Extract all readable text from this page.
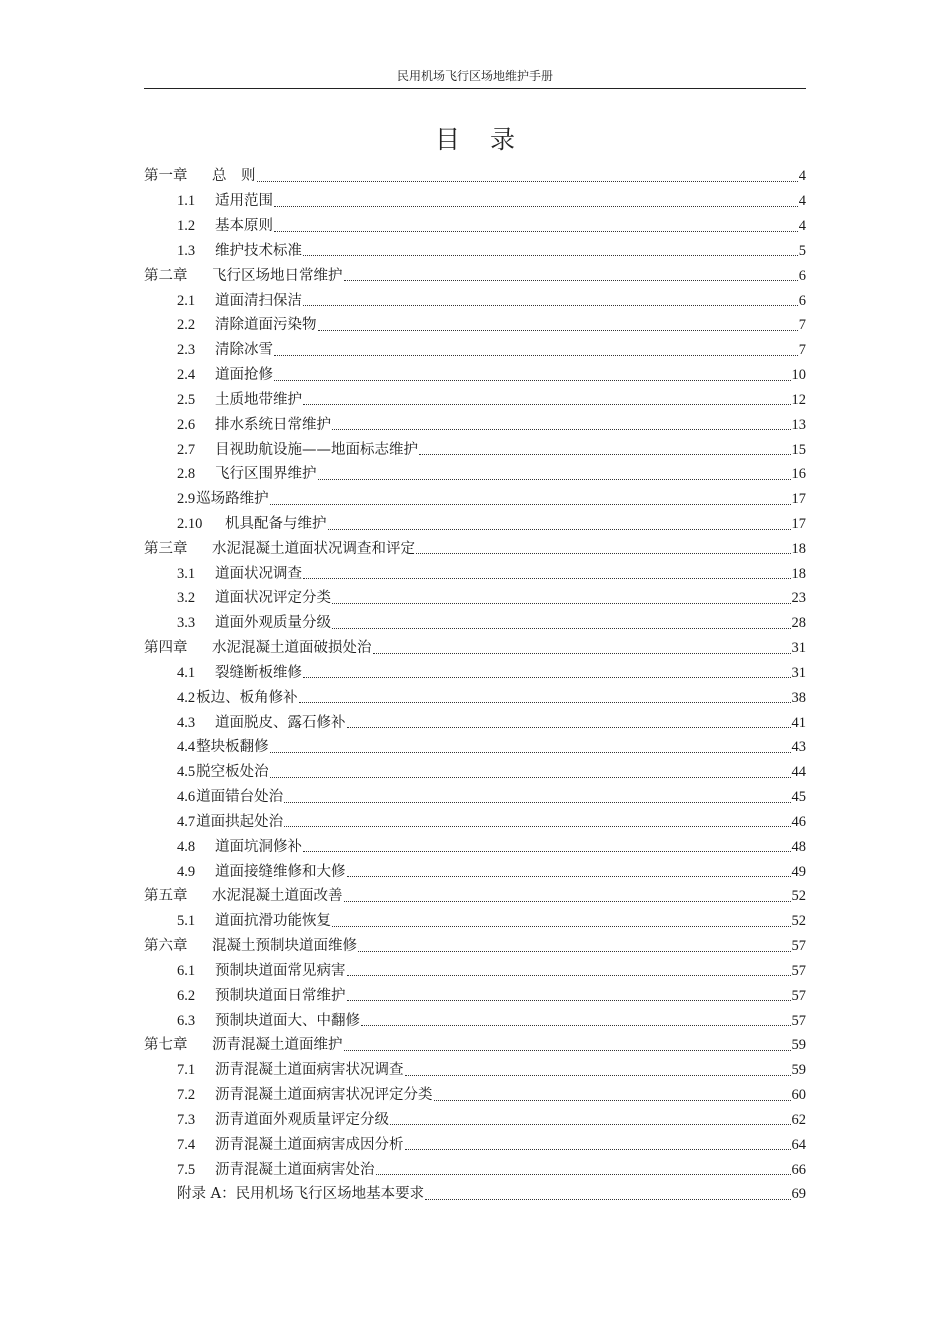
民用机场飞行区场地维护手册
目录
第一章	总　则	4
1.1	适用范围	4
1.2	基本原则	4
1.3	维护技术标准	5
第二章	飞行区场地日常维护	6
2.1	道面清扫保洁	6
2.2	清除道面污染物	7
2.3	清除冰雪	7
2.4	道面抢修	10
2.5	土质地带维护	12
2.6	排水系统日常维护	13
2.7	目视助航设施——地面标志维护	15
2.8	飞行区围界维护	16
2.9 巡场路维护	17
2.10	机具配备与维护	17
第三章	水泥混凝土道面状况调查和评定	18
3.1	道面状况调查	18
3.2	道面状况评定分类	23
3.3	道面外观质量分级	28
第四章	水泥混凝土道面破损处治	31
4.1	裂缝断板维修	31
4.2 板边、板角修补	38
4.3	道面脱皮、露石修补	41
4.4 整块板翻修	43
4.5 脱空板处治	44
4.6 道面错台处治	45
4.7 道面拱起处治	46
4.8	道面坑洞修补	48
4.9	道面接缝维修和大修	49
第五章	水泥混凝土道面改善	52
5.1	道面抗滑功能恢复	52
第六章	混凝土预制块道面维修	57
6.1	预制块道面常见病害	57
6.2	预制块道面日常维护	57
6.3	预制块道面大、中翻修	57
第七章	沥青混凝土道面维护	59
7.1	沥青混凝土道面病害状况调查	59
7.2	沥青混凝土道面病害状况评定分类	60
7.3	沥青道面外观质量评定分级	62
7.4	沥青混凝土道面病害成因分析	64
7.5	沥青混凝土道面病害处治	66
附录 A：民用机场飞行区场地基本要求	69
